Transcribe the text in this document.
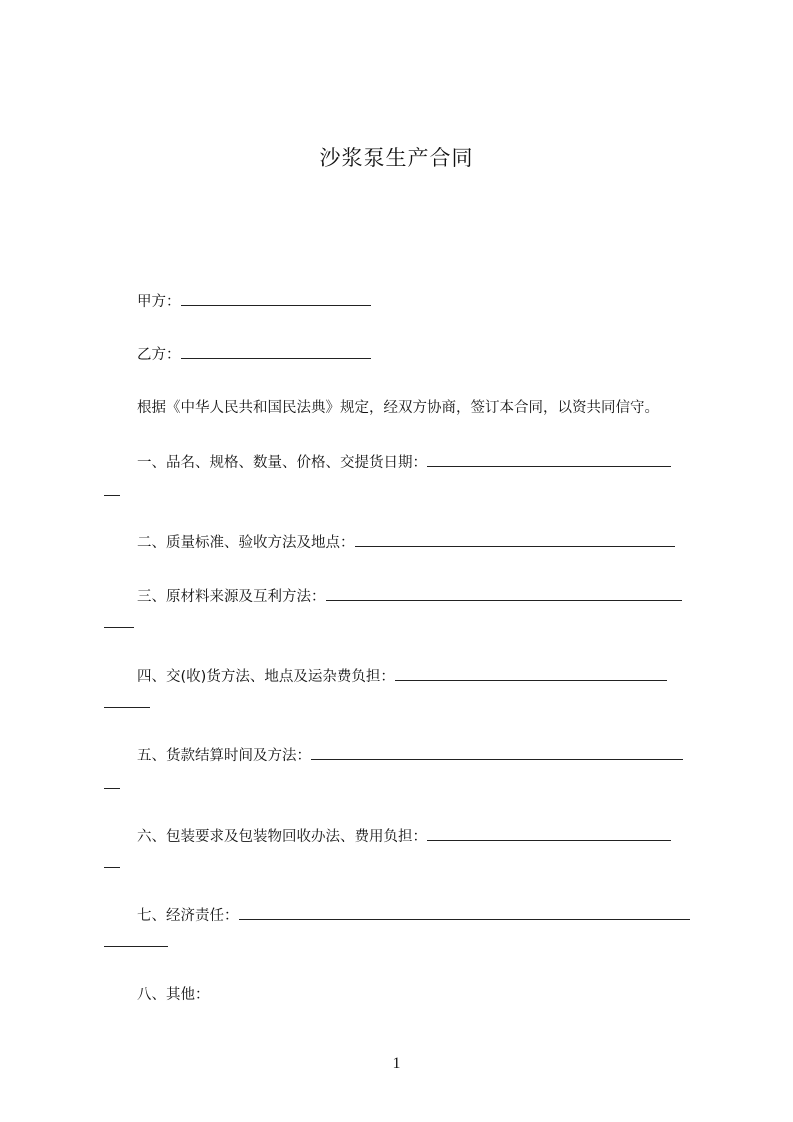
沙浆泵生产合同
甲方：
乙方：
根据《中华人民共和国民法典》规定，经双方协商，签订本合同，以资共同信守。
一、品名、规格、数量、价格、交提货日期：
二、质量标准、验收方法及地点：
三、原材料来源及互利方法：
四、交(收)货方法、地点及运杂费负担：
五、货款结算时间及方法：
六、包装要求及包装物回收办法、费用负担：
七、经济责任：
八、其他：
1
